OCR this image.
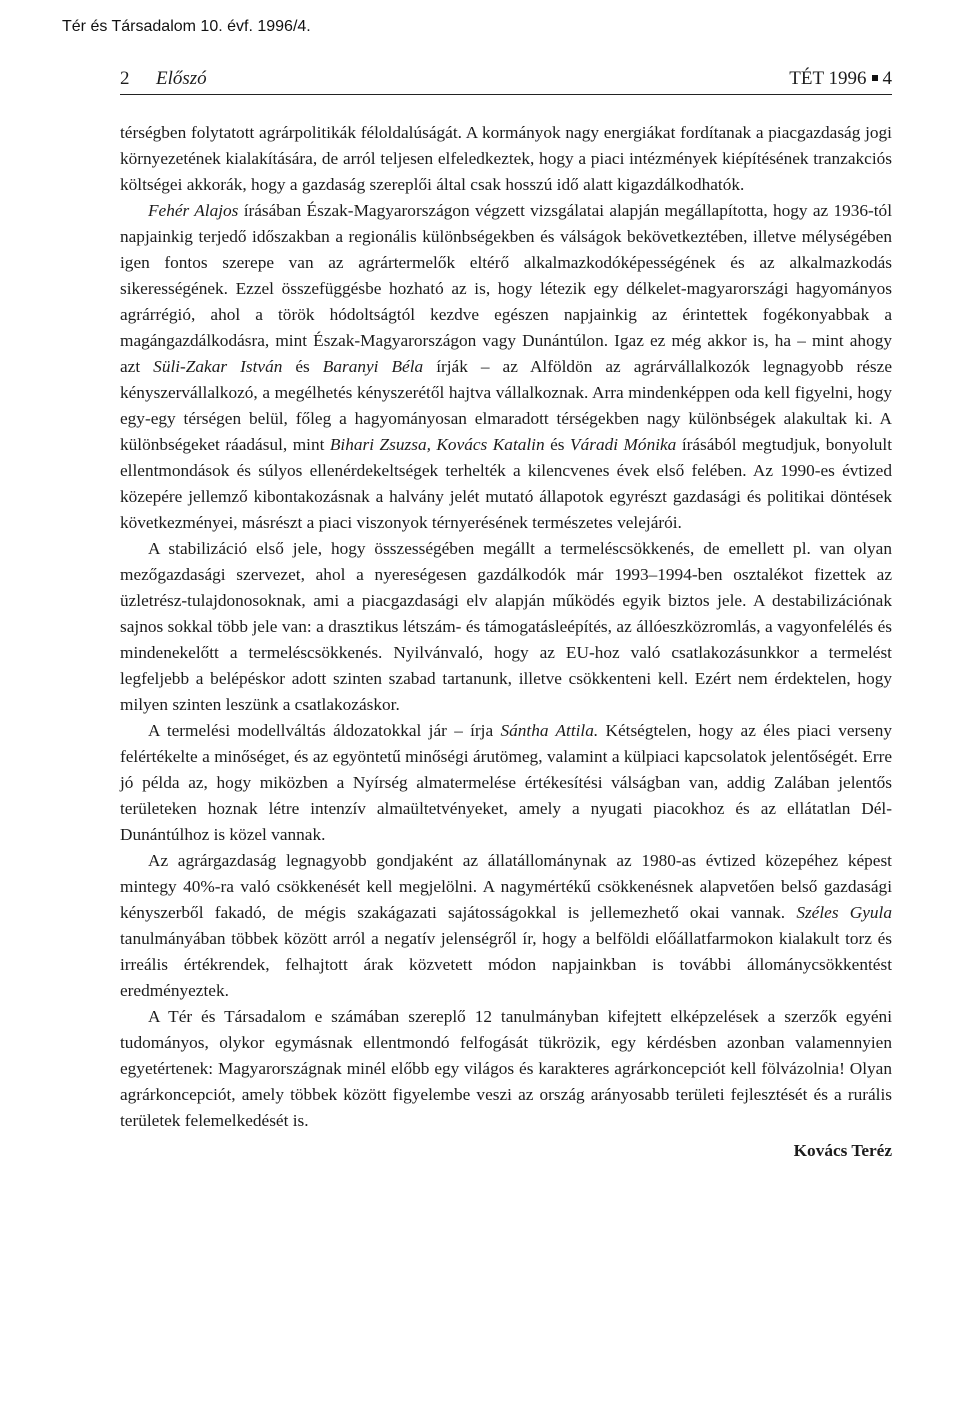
Tér és Társadalom 10. évf. 1996/4.
2 Előszó	TÉT 1996 4

térségben folytatott agrárpolitikák féloldalúságát. A kormányok nagy energiákat fordítanak a piacgazdaság jogi környezetének kialakítására, de arról teljesen elfeledkeztek, hogy a piaci intézmények kiépítésének tranzakciós költségei akkorák, hogy a gazdaság szereplői által csak hosszú idő alatt kigazdálkodhatók.

Fehér Alajos írásában Észak-Magyarországon végzett vizsgálatai alapján megállapította, hogy az 1936-tól napjainkig terjedő időszakban a regionális különbségekben és válságok bekövetkeztében, illetve mélységében igen fontos szerepe van az agrártermelők eltérő alkalmazkodóképességének és az alkalmazkodás sikerességének. Ezzel összefüggésbe hozható az is, hogy létezik egy délkelet-magyarországi hagyományos agrárrégió, ahol a török hódoltságtól kezdve egészen napjainkig az érintettek fogékonyabbak a magángazdálkodásra, mint Észak-Magyarországon vagy Dunántúlon. Igaz ez még akkor is, ha – mint ahogy azt Süli-Zakar István és Baranyi Béla írják – az Alföldön az agrárvállalkozók legnagyobb része kényszervállalkozó, a megélhetés kényszerétől hajtva vállalkoznak. Arra mindenképpen oda kell figyelni, hogy egy-egy térségen belül, főleg a hagyományosan elmaradott térségekben nagy különbségek alakultak ki. A különbségeket ráadásul, mint Bihari Zsuzsa, Kovács Katalin és Váradi Mónika írásából megtudjuk, bonyolult ellentmondások és súlyos ellenérdekeltségek terhelték a kilencvenes évek első felében. Az 1990-es évtized közepére jellemző kibontakozásnak a halvány jelét mutató állapotok egyrészt gazdasági és politikai döntések következményei, másrészt a piaci viszonyok térnyerésének természetes velejárói.

A stabilizáció első jele, hogy összességében megállt a termeléscsökkenés, de emellett pl. van olyan mezőgazdasági szervezet, ahol a nyereségesen gazdálkodók már 1993–1994-ben osztalékot fizettek az üzletrész-tulajdonosoknak, ami a piacgazdasági elv alapján működés egyik biztos jele. A destabilizációnak sajnos sokkal több jele van: a drasztikus létszám- és támogatásleépítés, az állóeszközromlás, a vagyonfelélés és mindenekelőtt a termeléscsökkenés. Nyilvánvaló, hogy az EU-hoz való csatlakozásunkkor a termelést legfeljebb a belépéskor adott szinten szabad tartanunk, illetve csökkenteni kell. Ezért nem érdektelen, hogy milyen szinten leszünk a csatlakozáskor.

A termelési modellváltás áldozatokkal jár – írja Sántha Attila. Kétségtelen, hogy az éles piaci verseny felértékelte a minőséget, és az egyöntetű minőségi árutömeg, valamint a külpiaci kapcsolatok jelentőségét. Erre jó példa az, hogy miközben a Nyírség almatermelése értékesítési válságban van, addig Zalában jelentős területeken hoznak létre intenzív almaültetvényeket, amely a nyugati piacokhoz és az ellátatlan Dél-Dunántúlhoz is közel vannak.

Az agrárgazdaság legnagyobb gondjaként az állatállománynak az 1980-as évtized közepéhez képest mintegy 40%-ra való csökkenését kell megjelölni. A nagymértékű csökkenésnek alapvetően belső gazdasági kényszerből fakadó, de mégis szakágazati sajátosságokkal is jellemezhető okai vannak. Széles Gyula tanulmányában többek között arról a negatív jelenségről ír, hogy a belföldi előállatfarmokon kialakult torz és irreális értékrendek, felhajtott árak közvetett módon napjainkban is további állománycsökkentést eredményeztek.

A Tér és Társadalom e számában szereplő 12 tanulmányban kifejtett elképzelések a szerzők egyéni tudományos, olykor egymásnak ellentmondó felfogását tükrözik, egy kérdésben azonban valamennyien egyetértenek: Magyarországnak minél előbb egy világos és karakteres agrárkoncepciót kell fölvázolnia! Olyan agrárkoncepciót, amely többek között figyelembe veszi az ország arányosabb területi fejlesztését és a rurális területek felemelkedését is.

Kovács Teréz
